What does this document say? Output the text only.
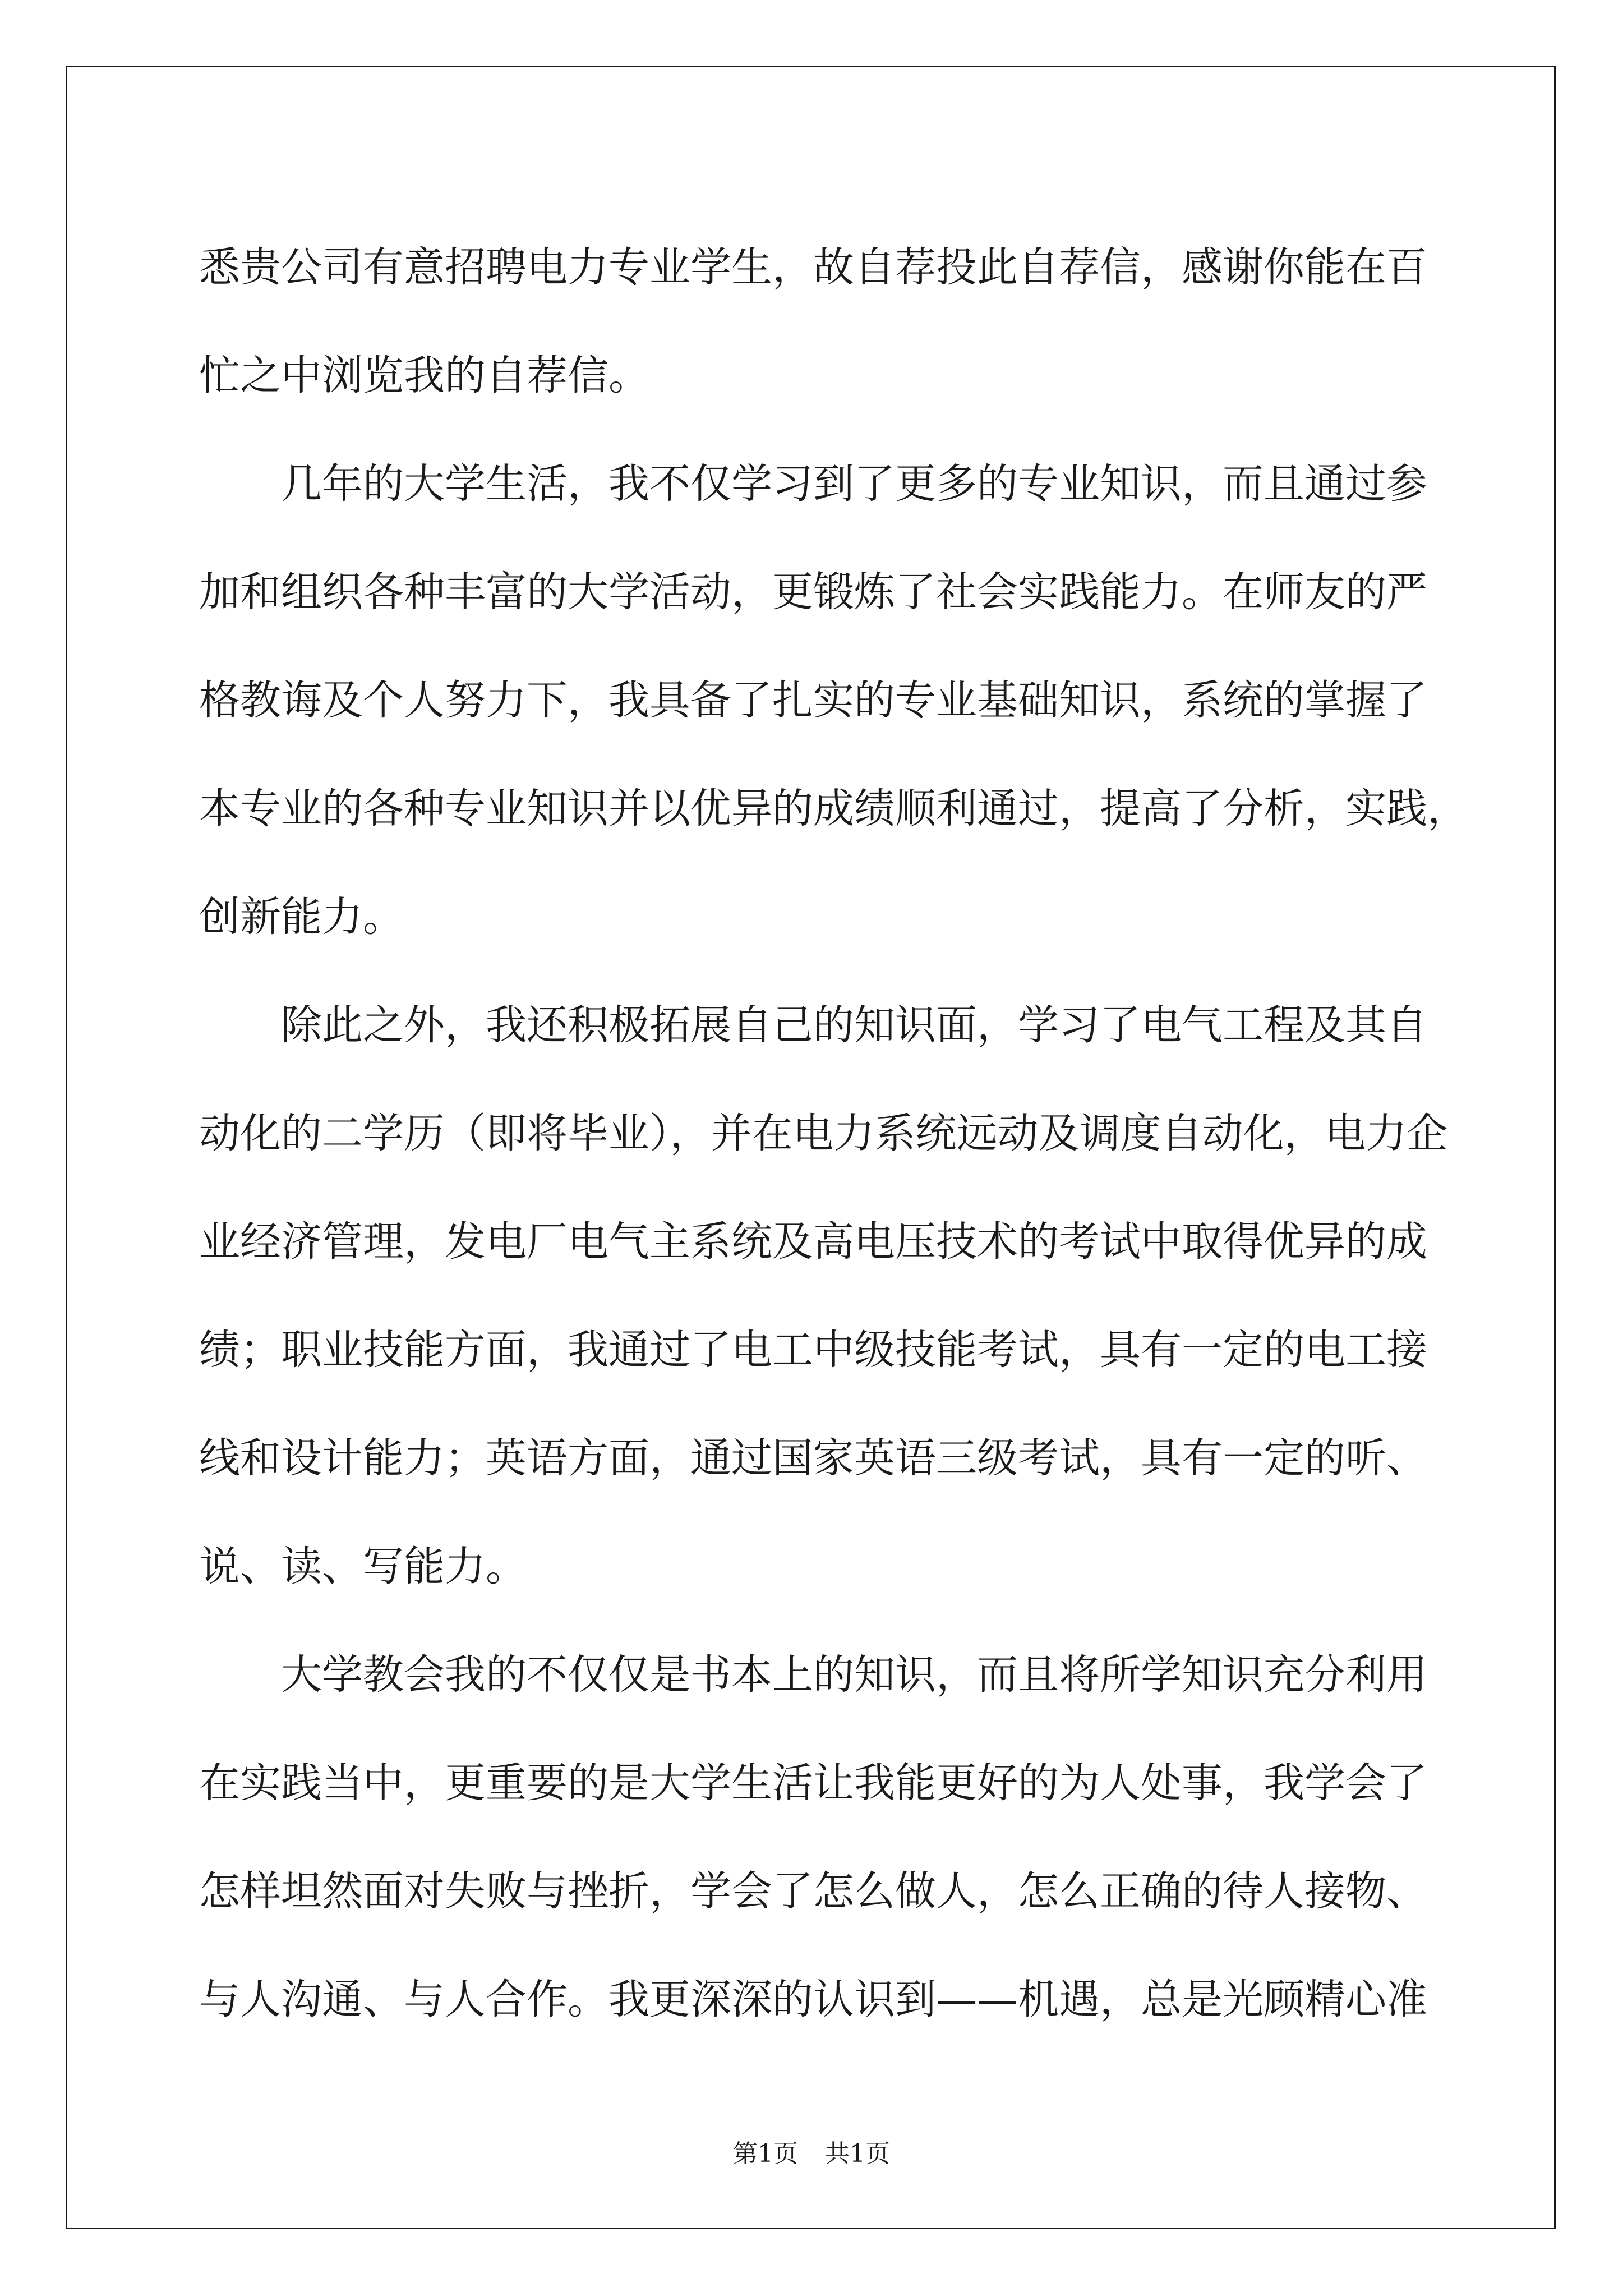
悉贵公司有意招聘电力专业学生，故自荐投此自荐信，感谢你能在百
忙之中浏览我的自荐信。
几年的大学生活，我不仅学习到了更多的专业知识，而且通过参
加和组织各种丰富的大学活动，更锻炼了社会实践能力。在师友的严
格教诲及个人努力下，我具备了扎实的专业基础知识，系统的掌握了
本专业的各种专业知识并以优异的成绩顺利通过，提高了分析，实践，
创新能力。
除此之外，我还积极拓展自己的知识面，学习了电气工程及其自
动化的二学历（即将毕业），并在电力系统远动及调度自动化，电力企
业经济管理，发电厂电气主系统及高电压技术的考试中取得优异的成
绩；职业技能方面，我通过了电工中级技能考试，具有一定的电工接
线和设计能力；英语方面，通过国家英语三级考试，具有一定的听、
说、读、写能力。
大学教会我的不仅仅是书本上的知识，而且将所学知识充分利用
在实践当中，更重要的是大学生活让我能更好的为人处事，我学会了
怎样坦然面对失败与挫折，学会了怎么做人，怎么正确的待人接物、
与人沟通、与人合作。我更深深的认识到——机遇，总是光顾精心准
第1页 共1页
